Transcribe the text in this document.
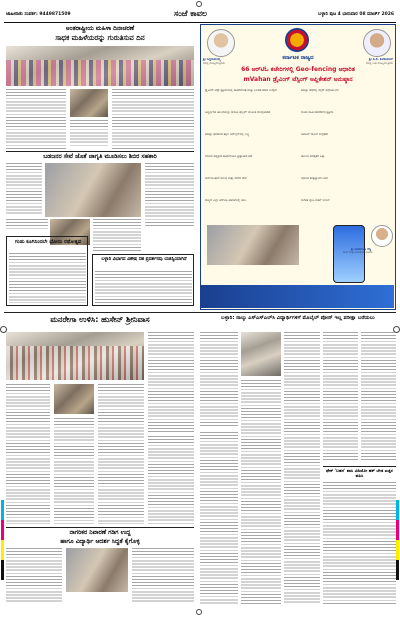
ಜಾಹೀರಾತು ಸಂಪರ್ಕ: 9449871509	ಸಂಜೆ ಕಾವಲ	ಬಳ್ಳಾರಿ ಪುಟ 4 ಭಾನುವಾರ 08 ಮಾರ್ಚ್ 2026
ಅಂತರಾಷ್ಟ್ರೀಯ ಮಹಿಳಾ ದಿನಾಚರಣೆ
ಸಾಧಕ ಮಹಿಳೆಯರನ್ನು ಗುರುತಿಸುವ ದಿನ
ಬಡಜನರ ಸೇವೆ ಜೊತೆ ಜಾಗೃತಿ ಮೂಡಿಸಲು ಶಿಬಿರ ಸಹಕಾರಿ
ಗಂಡು ಕೂಗಿನಿಂದಲೇ ಭೋದು ರಥೋತ್ಸವ
ಬಳ್ಳಾರಿ ವಿಭಾಗದ ವಿಶೇಷ ಸಹ ಪ್ರದರ್ಶನವು ಯಶಸ್ವಿಯಾಗಿದೆ
ಶ್ರೀ ಸಿದ್ದರಾಮಯ್ಯ
ಮಾನ್ಯ ಮುಖ್ಯಮಂತ್ರಿಗಳು
ಶ್ರೀ ಡಿ.ಕೆ. ಶಿವಕುಮಾರ್
ಮಾನ್ಯ ಉಪ ಮುಖ್ಯಮಂತ್ರಿಗಳು
ಕರ್ನಾಟಕ ರಾಜ್ಯದ
66 ಆರ್‌ಟಿಓ ಕಚೇರಿಗಳಲ್ಲಿ Geo-fencing ಆಧಾರಿತ
mVahan ಡ್ರೈವಿಂಗ್ ಟೆಸ್ಟಿಂಗ್ ಅಪ್ಲಿಕೇಶನ್ ಅನುಷ್ಠಾನ
ಡ್ರೈವಿಂಗ್ ಟೆಸ್ಟ್ ಪ್ರಕ್ರಿಯೆಯಲ್ಲಿ ಪಾರದರ್ಶಕತೆ ಮತ್ತು ನಿಖರತೆ ತರುವ ಉದ್ದೇಶ
ಅಭ್ಯರ್ಥಿಗಳ ಚಾಲನೆಯನ್ನು ಜಿಯೋ ಫೆನ್ಸಿಂಗ್ ಮೂಲಕ ಮೇಲ್ವಿಚಾರಣೆ
ಪರೀಕ್ಷಾ ಫಲಿತಾಂಶ ತಕ್ಷಣ ಆನ್‌ಲೈನ್‌ನಲ್ಲಿ ಲಭ್ಯ
ಮಾನವ ಹಸ್ತಕ್ಷೇಪ ಕಡಿಮೆಗೊಳಿಸಿ ಭ್ರಷ್ಟಾಚಾರ ತಡೆ
ಸಾರ್ವಜನಿಕರಿಗೆ ಸುಲಭ ಮತ್ತು ವೇಗದ ಸೇವೆ
ರಾಜ್ಯದ ಎಲ್ಲಾ ಆರ್‌ಟಿಓ ಕಚೇರಿಗಳಲ್ಲಿ ಜಾರಿ
ಪರೀಕ್ಷಾ ಪಥದಲ್ಲಿ ಸೆನ್ಸರ್ ಆಧಾರಿತ ನಿಗಾ
ದೂರು ರಹಿತ ಪಾರದರ್ಶಕ ಪ್ರಕ್ರಿಯೆ
ಡಿಜಿಟಲ್ ದಾಖಲೆ ಸಂಗ್ರಹಣೆ
ಚಾಲನಾ ಸುರಕ್ಷತೆಗೆ ಒತ್ತು
ಆಧುನಿಕ ತಂತ್ರಜ್ಞಾನದ ಬಳಕೆ
ನಾಗರಿಕ ಸ್ನೇಹಿ ಸಾರಿಗೆ ಇಲಾಖೆ
ಶ್ರೀ ರಾಮಲಿಂಗಾ ರೆಡ್ಡಿ
ಸಾರಿಗೆ ಮತ್ತು ಮುಜರಾಯಿ ಸಚಿವರು
ಮನರೇಗಾ ಉಳಿಸಿ: ಹುಸೇನ್ ಶ್ರೀನಿವಾಸ	ಬಳ್ಳಾರಿ: ನಾಲ್ಕು ಎಸ್‌ಎಸ್‌ಎಲ್‌ಸಿ ವಿದ್ಯಾರ್ಥಿಗಳಿಗೆ ಮೊಬೈಲ್ ಪೋನ್ ಇಲ್ಲ ಪರೀಕ್ಷಾ ಬರೆಯಲು
ನಾಗರಿಕರ ನಿವಾರಣೆ ಗಡಿಗ ಉದ್ದ
ಹಾಗೂ ವಿದ್ಯಾರ್ಥಿ ಆದರ್ಶ ಸಿದ್ಧತೆ ಕೈಗೊಳ್ಳಿ
ಫೇಕ್ 'ಬಹಳ' ವಾಸಿ ವಿಡಿಯೋ ಹಕ್ ಬೇಡ ಎಚ್ಚರ ವಹಿಸಿ
